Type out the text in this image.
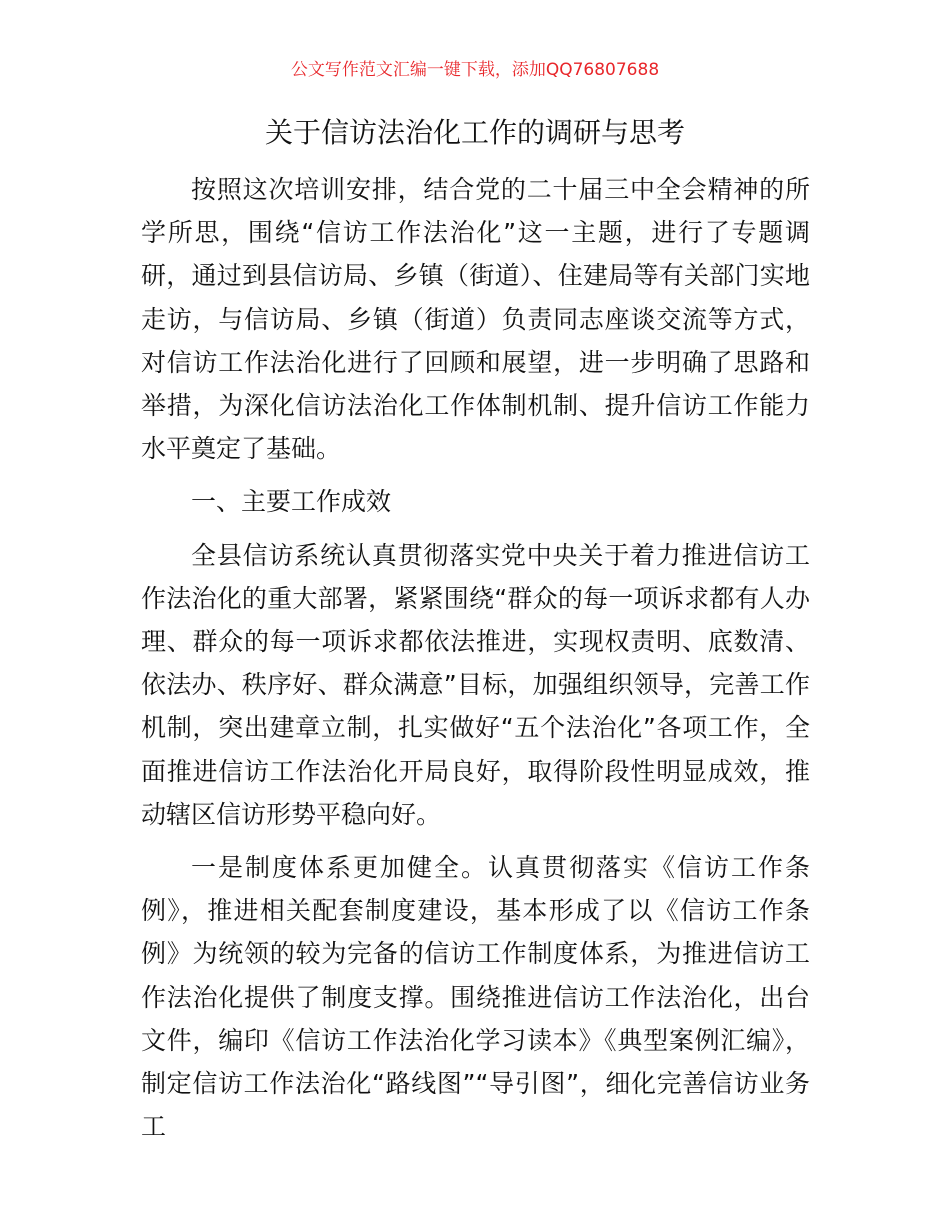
公文写作范文汇编一键下载，添加QQ76807688
关于信访法治化工作的调研与思考

按照这次培训安排，结合党的二十届三中全会精神的所学所思，围绕“信访工作法治化”这一主题，进行了专题调研，通过到县信访局、乡镇（街道）、住建局等有关部门实地走访，与信访局、乡镇（街道）负责同志座谈交流等方式，对信访工作法治化进行了回顾和展望，进一步明确了思路和举措，为深化信访法治化工作体制机制、提升信访工作能力水平奠定了基础。

一、主要工作成效

全县信访系统认真贯彻落实党中央关于着力推进信访工作法治化的重大部署，紧紧围绕“群众的每一项诉求都有人办理、群众的每一项诉求都依法推进，实现权责明、底数清、依法办、秩序好、群众满意”目标，加强组织领导，完善工作机制，突出建章立制，扎实做好“五个法治化”各项工作，全面推进信访工作法治化开局良好，取得阶段性明显成效，推动辖区信访形势平稳向好。

一是制度体系更加健全。认真贯彻落实《信访工作条例》，推进相关配套制度建设，基本形成了以《信访工作条例》为统领的较为完备的信访工作制度体系，为推进信访工作法治化提供了制度支撑。围绕推进信访工作法治化，出台文件，编印《信访工作法治化学习读本》《典型案例汇编》，制定信访工作法治化“路线图”“导引图”，细化完善信访业务工
